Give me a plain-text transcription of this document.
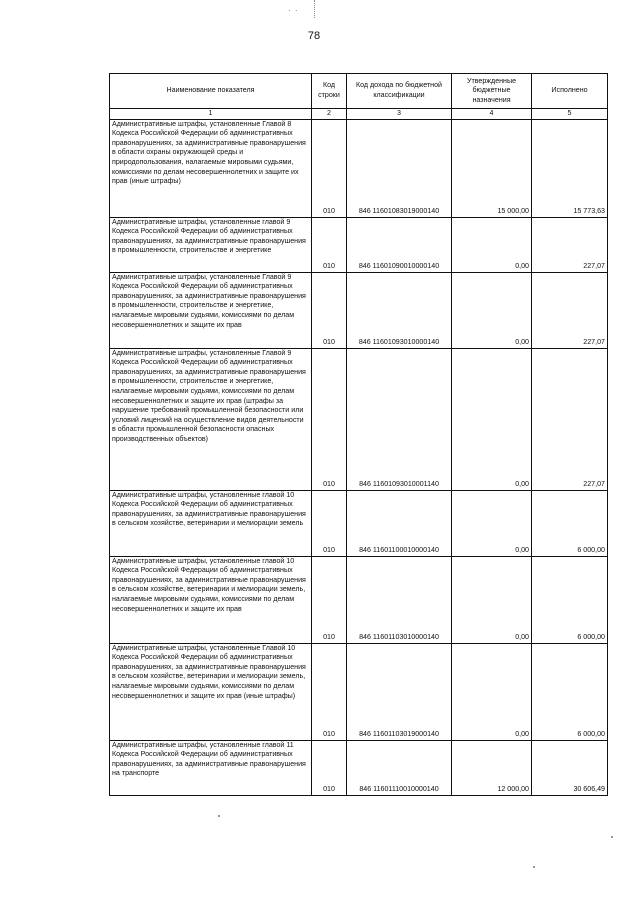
· ·
78
Наименование показателя	Код строки	Код дохода по бюджетной классификации	Утвержденные бюджетные назначения	Исполнено
1	2	3	4	5
Административные штрафы, установленные Главой 8 Кодекса Российской Федерации об административных правонарушениях, за административные правонарушения в области охраны окружающей среды и природопользования, налагаемые мировыми судьями, комиссиями по делам несовершеннолетних и защите их прав (иные штрафы)	010	846 11601083019000140	15 000,00	15 773,63
Административные штрафы, установленные главой 9 Кодекса Российской Федерации об административных правонарушениях, за административные правонарушения в промышленности, строительстве и энергетике	010	846 11601090010000140	0,00	227,07
Административные штрафы, установленные Главой 9 Кодекса Российской Федерации об административных правонарушениях, за административные правонарушения в промышленности, строительстве и энергетике, налагаемые мировыми судьями, комиссиями по делам несовершеннолетних и защите их прав	010	846 11601093010000140	0,00	227,07
Административные штрафы, установленные Главой 9 Кодекса Российской Федерации об административных правонарушениях, за административные правонарушения в промышленности, строительстве и энергетике, налагаемые мировыми судьями, комиссиями по делам несовершеннолетних и защите их прав (штрафы за нарушение требований промышленной безопасности или условий лицензий на осуществление видов деятельности в области промышленной безопасности опасных производственных объектов)	010	846 11601093010001140	0,00	227,07
Административные штрафы, установленные главой 10 Кодекса Российской Федерации об административных правонарушениях, за административные правонарушения в сельском хозяйстве, ветеринарии и мелиорации земель	010	846 11601100010000140	0,00	6 000,00
Административные штрафы, установленные главой 10 Кодекса Российской Федерации об административных правонарушениях, за административные правонарушения в сельском хозяйстве, ветеринарии и мелиорации земель, налагаемые мировыми судьями, комиссиями по делам несовершеннолетних и защите их прав	010	846 11601103010000140	0,00	6 000,00
Административные штрафы, установленные Главой 10 Кодекса Российской Федерации об административных правонарушениях, за административные правонарушения в сельском хозяйстве, ветеринарии и мелиорации земель, налагаемые мировыми судьями, комиссиями по делам несовершеннолетних и защите их прав (иные штрафы)	010	846 11601103019000140	0,00	6 000,00
Административные штрафы, установленные главой 11 Кодекса Российской Федерации об административных правонарушениях, за административные правонарушения на транспорте	010	846 11601110010000140	12 000,00	30 606,49
